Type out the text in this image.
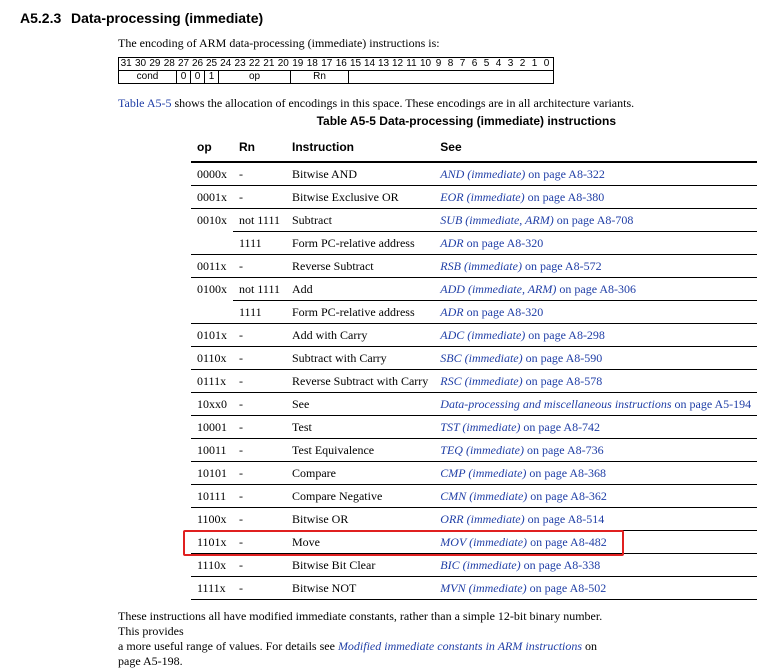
A5.2.3 Data-processing (immediate)
The encoding of ARM data-processing (immediate) instructions is:
31	30	29	28	27	26	25	24	23	22	21	20	19	18	17	16	15	14	13	12	11	10	9	8	7	6	5	4	3	2	1	0
cond				0	0	1	op					Rn																			
Table A5-5 shows the allocation of encodings in this space. These encodings are in all architecture variants.
Table A5-5 Data-processing (immediate) instructions
op	Rn	Instruction	See
0000x	-	Bitwise AND	AND (immediate) on page A8-322
0001x	-	Bitwise Exclusive OR	EOR (immediate) on page A8-380
0010x	not 1111	Subtract	SUB (immediate, ARM) on page A8-708
	1111	Form PC-relative address	ADR on page A8-320
0011x	-	Reverse Subtract	RSB (immediate) on page A8-572
0100x	not 1111	Add	ADD (immediate, ARM) on page A8-306
	1111	Form PC-relative address	ADR on page A8-320
0101x	-	Add with Carry	ADC (immediate) on page A8-298
0110x	-	Subtract with Carry	SBC (immediate) on page A8-590
0111x	-	Reverse Subtract with Carry	RSC (immediate) on page A8-578
10xx0	-	See	Data-processing and miscellaneous instructions on page A5-194
10001	-	Test	TST (immediate) on page A8-742
10011	-	Test Equivalence	TEQ (immediate) on page A8-736
10101	-	Compare	CMP (immediate) on page A8-368
10111	-	Compare Negative	CMN (immediate) on page A8-362
1100x	-	Bitwise OR	ORR (immediate) on page A8-514
1101x	-	Move	MOV (immediate) on page A8-482
1110x	-	Bitwise Bit Clear	BIC (immediate) on page A8-338
1111x	-	Bitwise NOT	MVN (immediate) on page A8-502
These instructions all have modified immediate constants, rather than a simple 12-bit binary number. This provides
a more useful range of values. For details see Modified immediate constants in ARM instructions on page A5-198.
